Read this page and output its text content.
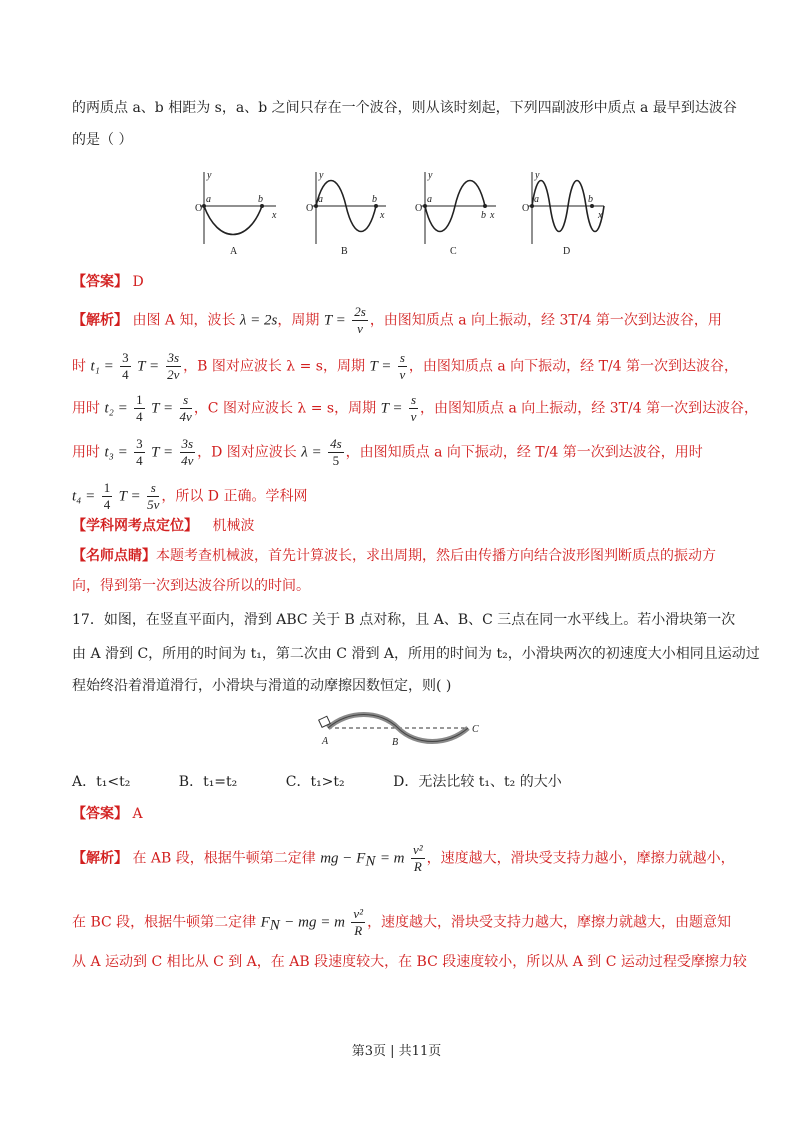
的两质点 a、b 相距为 s，a、b 之间只存在一个波谷，则从该时刻起，下列四副波形中质点 a 最早到达波谷
的是（ ）
O
y
x
a	b
A
O
y
x
a	b
B
O
y
x
a
b
C
O
y
x
a	b
D
【答案】 D
【解析】 由图 A 知，波长 λ = 2s，周期 $T = \frac{2s}{v}$ ，由图知质点 a 向上振动，经 3T/4 第一次到达波谷，用
时 $t_1 = \frac{3}{4}$ $T = \frac{3s}{2v}$ ，B 图对应波长 λ = s，周期 $T = \frac{s}{v}$ ，由图知质点 a 向下振动，经 T/4 第一次到达波谷，
用时 $t_2 = \frac{1}{4}$ $T = \frac{s}{4v}$ ，C 图对应波长 λ = s，周期 $T = \frac{s}{v}$ ，由图知质点 a 向上振动，经 3T/4 第一次到达波谷，
用时 $t_3 = \frac{3}{4}$ $T = \frac{3s}{4v}$ ，D 图对应波长 $\lambda = \frac{4s}{5}$ ，由图知质点 a 向下振动，经 T/4 第一次到达波谷，用时
$t_4 = \frac{1}{4}$ $T = \frac{s}{5v}$ ，所以 D 正确。学科网
【学科网考点定位】 机械波
【名师点睛】本题考查机械波，首先计算波长，求出周期，然后由传播方向结合波形图判断质点的振动方
向，得到第一次到达波谷所以的时间。
17．如图，在竖直平面内，滑到 ABC 关于 B 点对称，且 A、B、C 三点在同一水平线上。若小滑块第一次
由 A 滑到 C，所用的时间为 t₁，第二次由 C 滑到 A，所用的时间为 t₂，小滑块两次的初速度大小相同且运动过
程始终沿着滑道滑行，小滑块与滑道的动摩擦因数恒定，则( )
A	B
C
A．t₁<t₂	B．t₁=t₂	C．t₁>t₂	D．无法比较 t₁、t₂ 的大小
【答案】 A
【解析】 在 AB 段，根据牛顿第二定律 mg − FN = m $\frac{\text{v²}}{R}$ ，速度越大，滑块受支持力越小，摩擦力就越小，
在 BC 段，根据牛顿第二定律 FN − mg = m $\frac{\text{v²}}{R}$ ，速度越大，滑块受支持力越大，摩擦力就越大，由题意知
从 A 运动到 C 相比从 C 到 A，在 AB 段速度较大，在 BC 段速度较小，所以从 A 到 C 运动过程受摩擦力较
第3页 | 共11页
